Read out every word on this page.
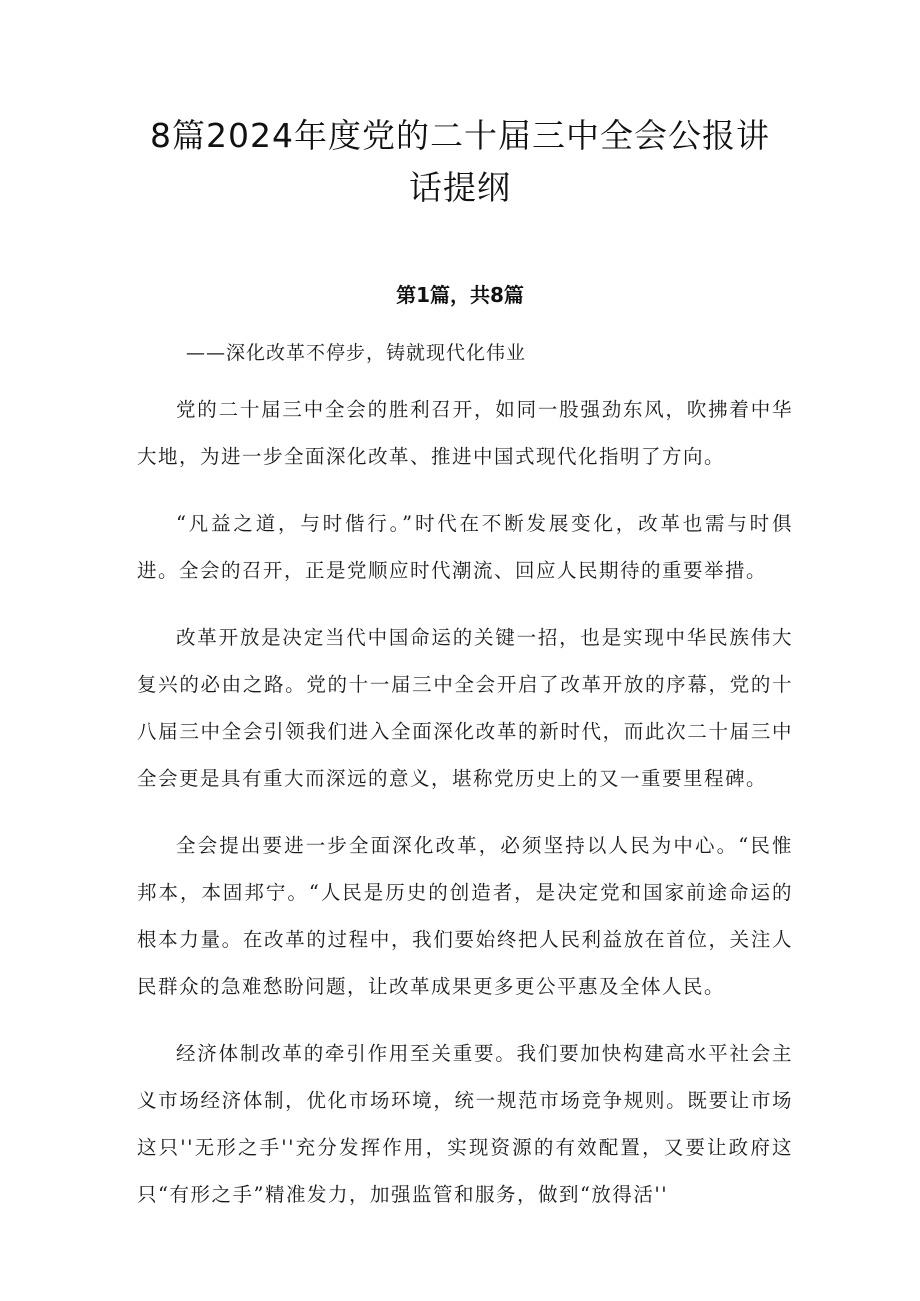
8篇2024年度党的二十届三中全会公报讲话提纲
第1篇，共8篇
——深化改革不停步，铸就现代化伟业

党的二十届三中全会的胜利召开，如同一股强劲东风，吹拂着中华大地，为进一步全面深化改革、推进中国式现代化指明了方向。

“凡益之道，与时偕行。”时代在不断发展变化，改革也需与时俱进。全会的召开，正是党顺应时代潮流、回应人民期待的重要举措。

改革开放是决定当代中国命运的关键一招，也是实现中华民族伟大复兴的必由之路。党的十一届三中全会开启了改革开放的序幕，党的十八届三中全会引领我们进入全面深化改革的新时代，而此次二十届三中全会更是具有重大而深远的意义，堪称党历史上的又一重要里程碑。

全会提出要进一步全面深化改革，必须坚持以人民为中心。“民惟邦本，本固邦宁。“人民是历史的创造者，是决定党和国家前途命运的根本力量。在改革的过程中，我们要始终把人民利益放在首位，关注人民群众的急难愁盼问题，让改革成果更多更公平惠及全体人民。

经济体制改革的牵引作用至关重要。我们要加快构建高水平社会主义市场经济体制，优化市场环境，统一规范市场竞争规则。既要让市场这只''无形之手''充分发挥作用，实现资源的有效配置，又要让政府这只“有形之手”精准发力，加强监管和服务，做到“放得活''
